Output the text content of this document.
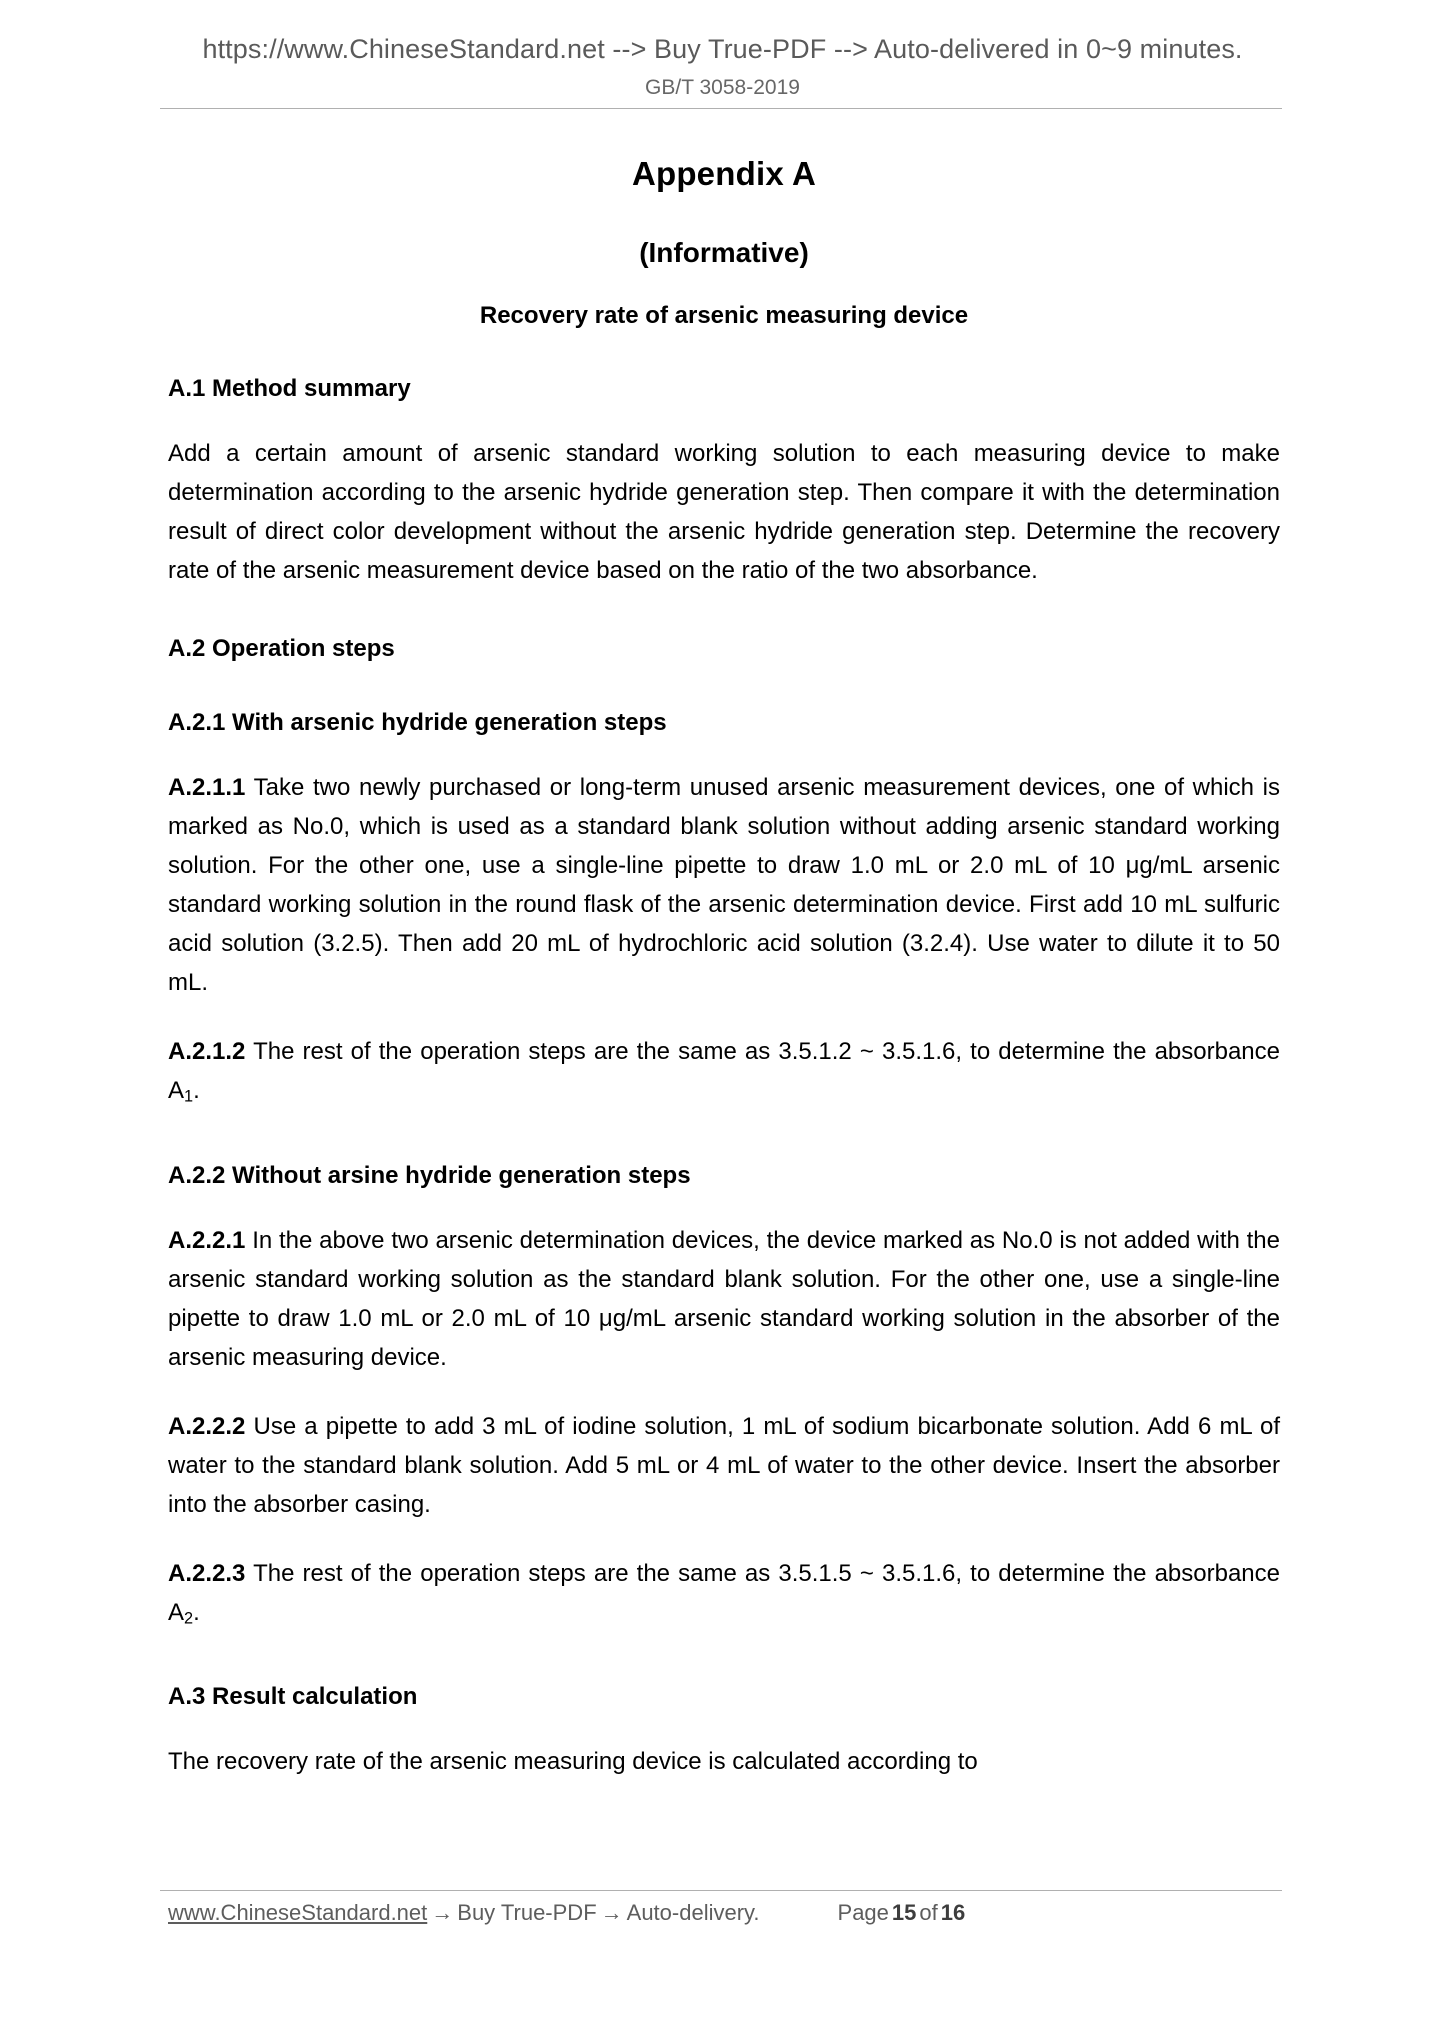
https://www.ChineseStandard.net --> Buy True-PDF --> Auto-delivered in 0~9 minutes.
GB/T 3058-2019
Appendix A
(Informative)
Recovery rate of arsenic measuring device
A.1 Method summary

Add a certain amount of arsenic standard working solution to each measuring device to make determination according to the arsenic hydride generation step. Then compare it with the determination result of direct color development without the arsenic hydride generation step. Determine the recovery rate of the arsenic measurement device based on the ratio of the two absorbance.

A.2 Operation steps
A.2.1 With arsenic hydride generation steps

A.2.1.1 Take two newly purchased or long-term unused arsenic measurement devices, one of which is marked as No.0, which is used as a standard blank solution without adding arsenic standard working solution. For the other one, use a single-line pipette to draw 1.0 mL or 2.0 mL of 10 μg/mL arsenic standard working solution in the round flask of the arsenic determination device. First add 10 mL sulfuric acid solution (3.2.5). Then add 20 mL of hydrochloric acid solution (3.2.4). Use water to dilute it to 50 mL.

A.2.1.2 The rest of the operation steps are the same as 3.5.1.2 ~ 3.5.1.6, to determine the absorbance $A_1$.

A.2.2 Without arsine hydride generation steps

A.2.2.1 In the above two arsenic determination devices, the device marked as No.0 is not added with the arsenic standard working solution as the standard blank solution. For the other one, use a single-line pipette to draw 1.0 mL or 2.0 mL of 10 μg/mL arsenic standard working solution in the absorber of the arsenic measuring device.

A.2.2.2 Use a pipette to add 3 mL of iodine solution, 1 mL of sodium bicarbonate solution. Add 6 mL of water to the standard blank solution. Add 5 mL or 4 mL of water to the other device. Insert the absorber into the absorber casing.

A.2.2.3 The rest of the operation steps are the same as 3.5.1.5 ~ 3.5.1.6, to determine the absorbance $A_2$.

A.3 Result calculation

The recovery rate of the arsenic measuring device is calculated according to

www.ChineseStandard.net → Buy True-PDF → Auto-delivery.	Page 15 of 16
